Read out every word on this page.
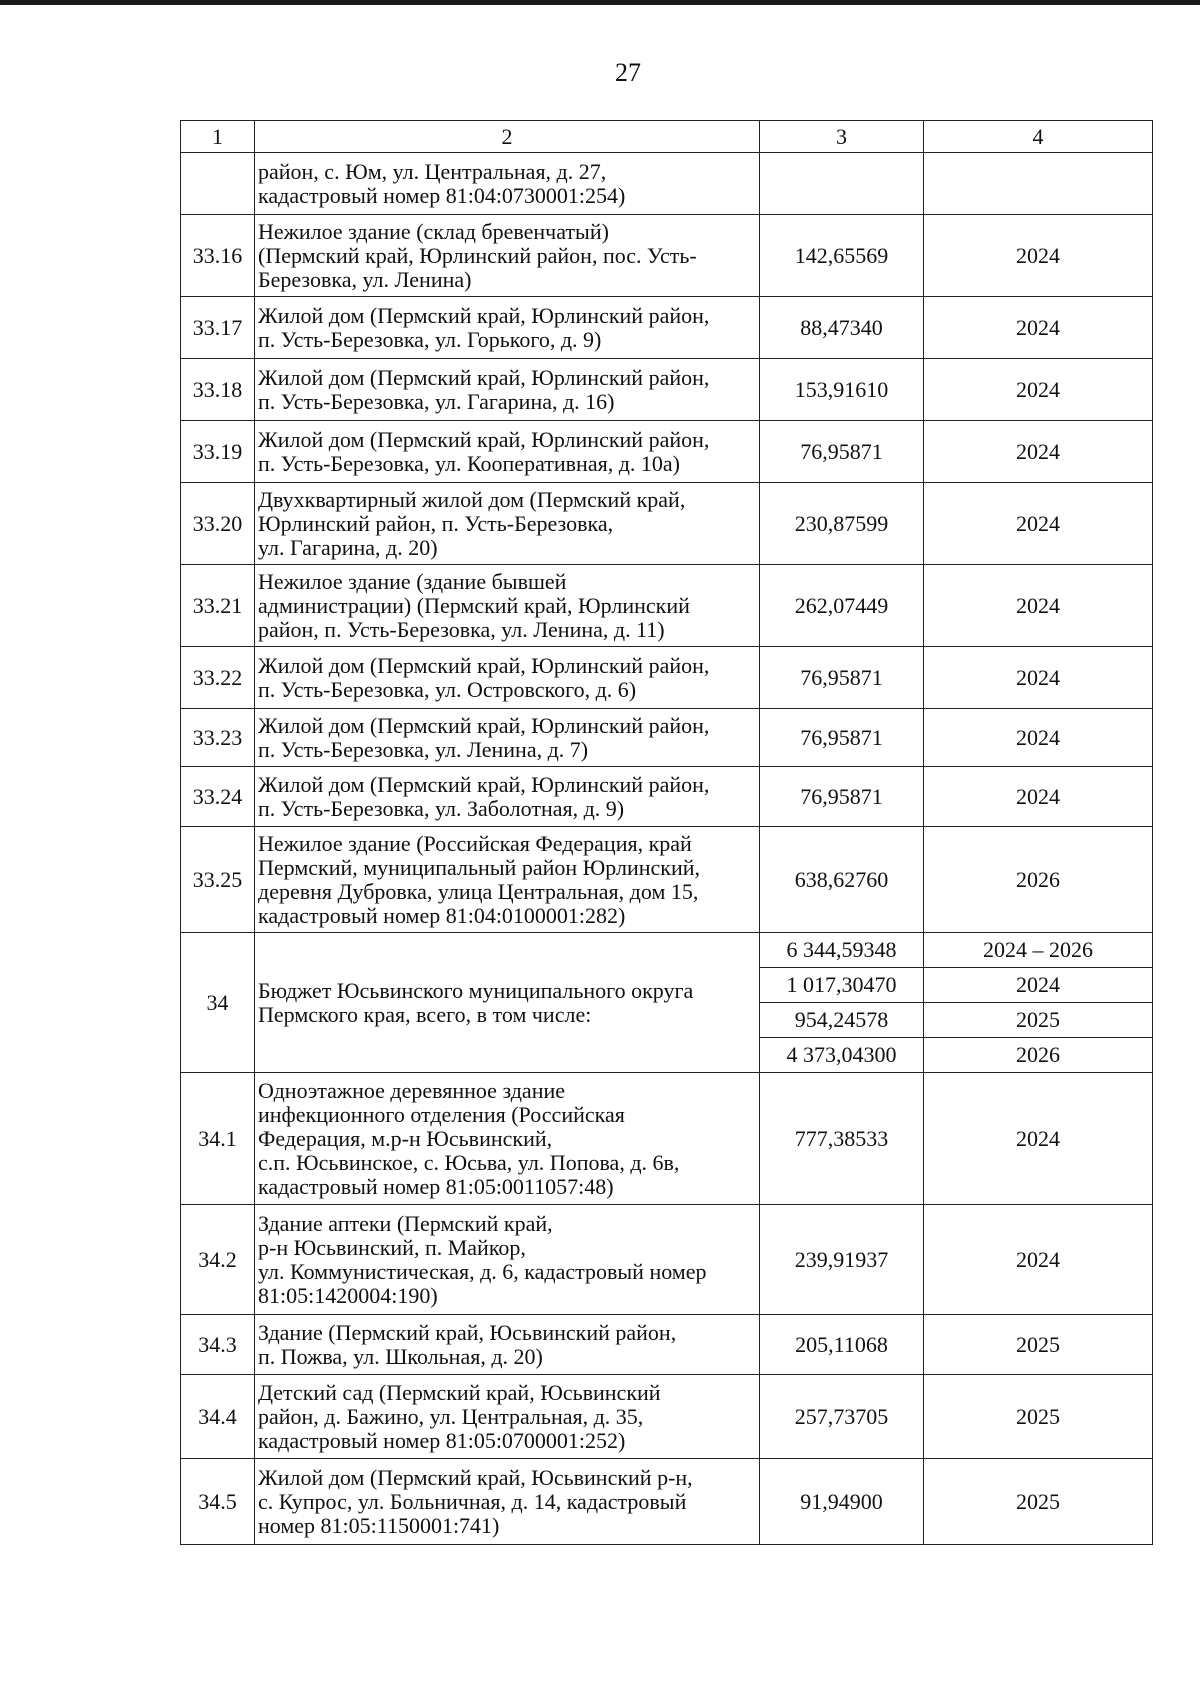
27
1	2	3	4

	район, с. Юм, ул. Центральная, д. 27,
кадастровый номер 81:04:0730001:254)		

33.16	Нежилое здание (склад бревенчатый)
(Пермский край, Юрлинский район, пос. Усть-
Березовка, ул. Ленина)	142,65569	2024
33.17	Жилой дом (Пермский край, Юрлинский район,
п. Усть-Березовка, ул. Горького, д. 9)	88,47340	2024
33.18	Жилой дом (Пермский край, Юрлинский район,
п. Усть-Березовка, ул. Гагарина, д. 16)	153,91610	2024
33.19	Жилой дом (Пермский край, Юрлинский район,
п. Усть-Березовка, ул. Кооперативная, д. 10а)	76,95871	2024
33.20	Двухквартирный жилой дом (Пермский край,
Юрлинский район, п. Усть-Березовка,
ул. Гагарина, д. 20)	230,87599	2024
33.21	Нежилое здание (здание бывшей
администрации) (Пермский край, Юрлинский
район, п. Усть-Березовка, ул. Ленина, д. 11)	262,07449	2024
33.22	Жилой дом (Пермский край, Юрлинский район,
п. Усть-Березовка, ул. Островского, д. 6)	76,95871	2024
33.23	Жилой дом (Пермский край, Юрлинский район,
п. Усть-Березовка, ул. Ленина, д. 7)	76,95871	2024
33.24	Жилой дом (Пермский край, Юрлинский район,
п. Усть-Березовка, ул. Заболотная, д. 9)	76,95871	2024
33.25	Нежилое здание (Российская Федерация, край
Пермский, муниципальный район Юрлинский,
деревня Дубровка, улица Центральная, дом 15,
кадастровый номер 81:04:0100001:282)	638,62760	2026
34	Бюджет Юсьвинского муниципального округа
Пермского края, всего, в том числе:	6 344,59348	2024 – 2026
		1 017,30470	2024
		954,24578	2025
		4 373,04300	2026
34.1	Одноэтажное деревянное здание
инфекционного отделения (Российская
Федерация, м.р-н Юсьвинский,
с.п. Юсьвинское, с. Юсьва, ул. Попова, д. 6в,
кадастровый номер 81:05:0011057:48)	777,38533	2024
34.2	Здание аптеки (Пермский край,
р-н Юсьвинский, п. Майкор,
ул. Коммунистическая, д. 6, кадастровый номер
81:05:1420004:190)	239,91937	2024
34.3	Здание (Пермский край, Юсьвинский район,
п. Пожва, ул. Школьная, д. 20)	205,11068	2025
34.4	Детский сад (Пермский край, Юсьвинский
район, д. Бажино, ул. Центральная, д. 35,
кадастровый номер 81:05:0700001:252)	257,73705	2025
34.5	Жилой дом (Пермский край, Юсьвинский р-н,
с. Купрос, ул. Больничная, д. 14, кадастровый
номер 81:05:1150001:741)	91,94900	2025
